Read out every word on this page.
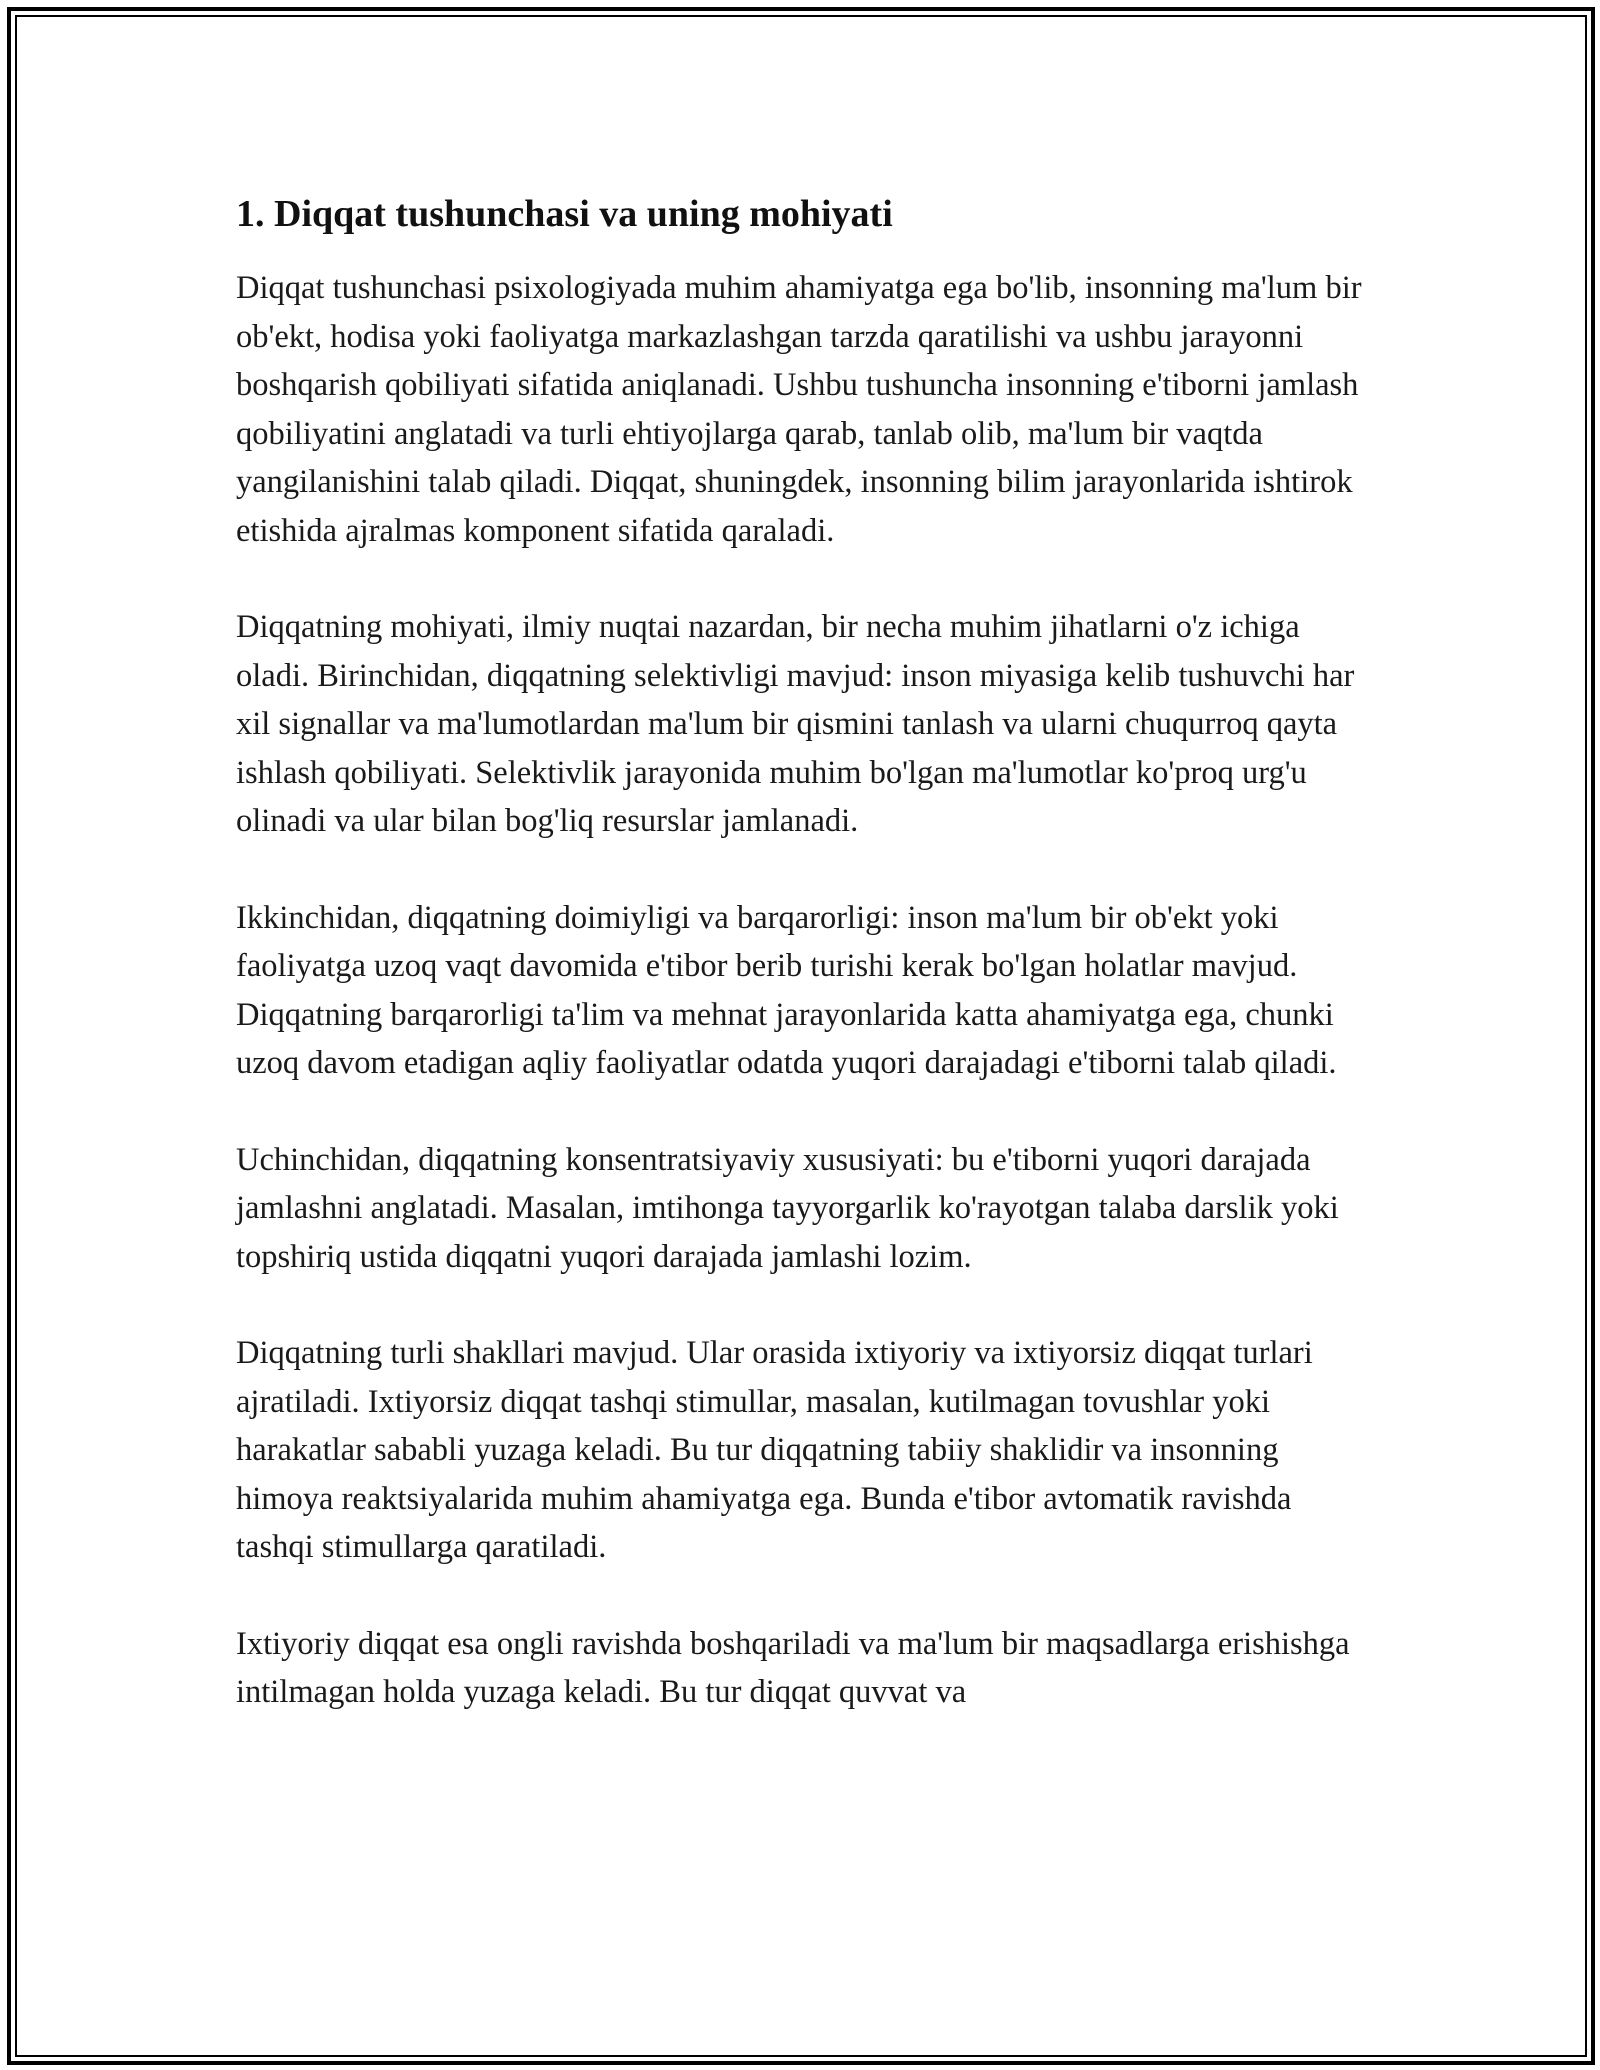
1. Diqqat tushunchasi va uning mohiyati

Diqqat tushunchasi psixologiyada muhim ahamiyatga ega bo'lib, insonning ma'lum bir ob'ekt, hodisa yoki faoliyatga markazlashgan tarzda qaratilishi va ushbu jarayonni boshqarish qobiliyati sifatida aniqlanadi. Ushbu tushuncha insonning e'tiborni jamlash qobiliyatini anglatadi va turli ehtiyojlarga qarab, tanlab olib, ma'lum bir vaqtda yangilanishini talab qiladi. Diqqat, shuningdek, insonning bilim jarayonlarida ishtirok etishida ajralmas komponent sifatida qaraladi.

Diqqatning mohiyati, ilmiy nuqtai nazardan, bir necha muhim jihatlarni o'z ichiga oladi. Birinchidan, diqqatning selektivligi mavjud: inson miyasiga kelib tushuvchi har xil signallar va ma'lumotlardan ma'lum bir qismini tanlash va ularni chuqurroq qayta ishlash qobiliyati. Selektivlik jarayonida muhim bo'lgan ma'lumotlar ko'proq urg'u olinadi va ular bilan bog'liq resurslar jamlanadi.

Ikkinchidan, diqqatning doimiyligi va barqarorligi: inson ma'lum bir ob'ekt yoki faoliyatga uzoq vaqt davomida e'tibor berib turishi kerak bo'lgan holatlar mavjud. Diqqatning barqarorligi ta'lim va mehnat jarayonlarida katta ahamiyatga ega, chunki uzoq davom etadigan aqliy faoliyatlar odatda yuqori darajadagi e'tiborni talab qiladi.

Uchinchidan, diqqatning konsentratsiyaviy xususiyati: bu e'tiborni yuqori darajada jamlashni anglatadi. Masalan, imtihonga tayyorgarlik ko'rayotgan talaba darslik yoki topshiriq ustida diqqatni yuqori darajada jamlashi lozim.

Diqqatning turli shakllari mavjud. Ular orasida ixtiyoriy va ixtiyorsiz diqqat turlari ajratiladi. Ixtiyorsiz diqqat tashqi stimullar, masalan, kutilmagan tovushlar yoki harakatlar sababli yuzaga keladi. Bu tur diqqatning tabiiy shaklidir va insonning himoya reaktsiyalarida muhim ahamiyatga ega. Bunda e'tibor avtomatik ravishda tashqi stimullarga qaratiladi.

Ixtiyoriy diqqat esa ongli ravishda boshqariladi va ma'lum bir maqsadlarga erishishga intilmagan holda yuzaga keladi. Bu tur diqqat quvvat va
